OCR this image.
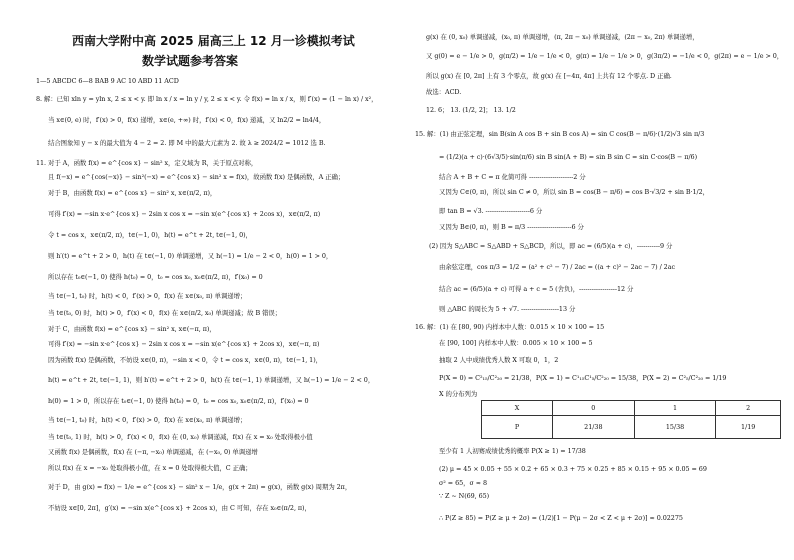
西南大学附中高 2025 届高三上 12 月一诊模拟考试
数学试题参考答案
1—5 ABCDC 6—8 BAB 9 AC 10 ABD 11 ACD
8. 解：已知 xln y = yln x, 2 ≤ x < y. 即 ln x / x = ln y / y, 2 ≤ x < y. 令 f(x) = ln x / x，则 f′(x) = (1 − ln x) / x²，
当 x∈(0, e) 时，f′(x) > 0，f(x) 递增，x∈(e, +∞) 时，f′(x) < 0，f(x) 递减，又 ln2/2 = ln4/4，
结合图象知 y − x 的最大值为 4 − 2 = 2. 即 M 中的最大元素为 2. 故 λ ≥ 2024/2 = 1012 选 B.
11. 对于 A，函数 f(x) = e^{cos x} − sin² x，定义域为 R，关于原点对称，
且 f(−x) = e^{cos(−x)} − sin²(−x) = e^{cos x} − sin² x = f(x)，故函数 f(x) 是偶函数，A 正确；
对于 B，由函数 f(x) = e^{cos x} − sin² x, x∈(π/2, π)，
可得 f′(x) = −sin x·e^{cos x} − 2sin x cos x = −sin x(e^{cos x} + 2cos x)，x∈(π/2, π)
令 t = cos x，x∈(π/2, π)，t∈(−1, 0)，h(t) = e^t + 2t, t∈(−1, 0)，
则 h′(t) = e^t + 2 > 0，h(t) 在 t∈(−1, 0) 单调递增，又 h(−1) = 1/e − 2 < 0，h(0) = 1 > 0，
所以存在 t₀∈(−1, 0) 使得 h(t₀) = 0，t₀ = cos x₀, x₀∈(π/2, π)，f′(x₀) = 0
当 t∈(−1, t₀) 时，h(t) < 0，f′(x) > 0，f(x) 在 x∈(x₀, π) 单调递增；
当 t∈(t₀, 0) 时，h(t) > 0，f′(x) < 0，f(x) 在 x∈(π/2, x₀) 单调递减；故 B 错误；
对于 C，由函数 f(x) = e^{cos x} − sin² x, x∈(−π, π)，
可得 f′(x) = −sin x·e^{cos x} − 2sin x cos x = −sin x(e^{cos x} + 2cos x)，x∈(−π, π)
因为函数 f(x) 是偶函数，不妨设 x∈(0, π)，−sin x < 0，令 t = cos x，x∈(0, π)，t∈(−1, 1)，
h(t) = e^t + 2t, t∈(−1, 1)，则 h′(t) = e^t + 2 > 0，h(t) 在 t∈(−1, 1) 单调递增，又 h(−1) = 1/e − 2 < 0，
h(0) = 1 > 0，所以存在 t₀∈(−1, 0) 使得 h(t₀) = 0，t₀ = cos x₀, x₀∈(π/2, π)，f′(x₀) = 0
当 t∈(−1, t₀) 时，h(t) < 0，f′(x) > 0，f(x) 在 x∈(x₀, π) 单调递增；
当 t∈(t₀, 1) 时，h(t) > 0，f′(x) < 0，f(x) 在 (0, x₀) 单调递减，f(x) 在 x = x₀ 处取得极小值
又函数 f(x) 是偶函数，f(x) 在 (−π, −x₀) 单调递减，在 (−x₀, 0) 单调递增
所以 f(x) 在 x = −x₀ 处取得极小值，在 x = 0 处取得极大值，C 正确；
对于 D，由 g(x) = f(x) − 1/e = e^{cos x} − sin² x − 1/e，g(x + 2π) = g(x)，函数 g(x) 周期为 2π，
不妨设 x∈[0, 2π]，g′(x) = −sin x(e^{cos x} + 2cos x)，由 C 可知，存在 x₀∈(π/2, π)，
g(x) 在 (0, x₀) 单调递减，(x₀, π) 单调递增，(π, 2π − x₀) 单调递减，(2π − x₀, 2π) 单调递增，
又 g(0) = e − 1/e > 0，g(π/2) = 1/e − 1/e < 0，g(π) = 1/e − 1/e > 0，g(3π/2) = −1/e < 0，g(2π) = e − 1/e > 0，
所以 g(x) 在 [0, 2π] 上有 3 个零点，故 g(x) 在 [−4π, 4π] 上共有 12 个零点. D 正确.
故选：ACD.
12. 6； 13. (1/2, 2]； 13. 1/2
15. 解：(1) 由正弦定理，sin B(sin A cos B + sin B cos A) = sin C cos(B − π/6)·(1/2)√3 sin π/3
= (1/2)(a + c)·(6√3/5)·sin(π/6) sin B sin(A + B) = sin B sin C = sin C·cos(B − π/6)
结合 A + B + C = π 化简可得 ---------------------2 分
又因为 C∈(0, π)，所以 sin C ≠ 0，所以 sin B = cos(B − π/6) = cos B·√3/2 + sin B·1/2，
即 tan B = √3. ---------------------6 分
又因为 B∈(0, π)，则 B = π/3 ---------------------6 分
(2) 因为 S△ABC = S△ABD + S△BCD，所以，即 ac = (6/5)(a + c)，-----------9 分
由余弦定理，cos π/3 = 1/2 = (a² + c² − 7) / 2ac = ((a + c)² − 2ac − 7) / 2ac
结合 ac = (6/5)(a + c) 可得 a + c = 5 (舍负)，------------------12 分
则 △ABC 的周长为 5 + √7. ------------------13 分
16. 解：(1) 在 [80, 90) 内样本中人数：0.015 × 10 × 100 = 15
在 [90, 100] 内样本中人数：0.005 × 10 × 100 = 5
抽取 2 人中成绩优秀人数 X 可取 0，1，2
P(X = 0) = C²₁₅/C²₂₀ = 21/38，P(X = 1) = C¹₁₅C¹₅/C²₂₀ = 15/38，P(X = 2) = C²₅/C²₂₀ = 1/19
X 的分布列为
X	0	1	2
P	21/38	15/38	1/19
至少有 1 人初赛成绩优秀的概率 P(X ≥ 1) = 17/38
(2) μ = 45 × 0.05 + 55 × 0.2 + 65 × 0.3 + 75 × 0.25 + 85 × 0.15 + 95 × 0.05 = 69
σ² = 65，σ ≈ 8
∵ Z ~ N(69, 65)
∴ P(Z ≥ 85) = P(Z ≥ μ + 2σ) = (1/2)[1 − P(μ − 2σ < Z < μ + 2σ)] ≈ 0.02275
